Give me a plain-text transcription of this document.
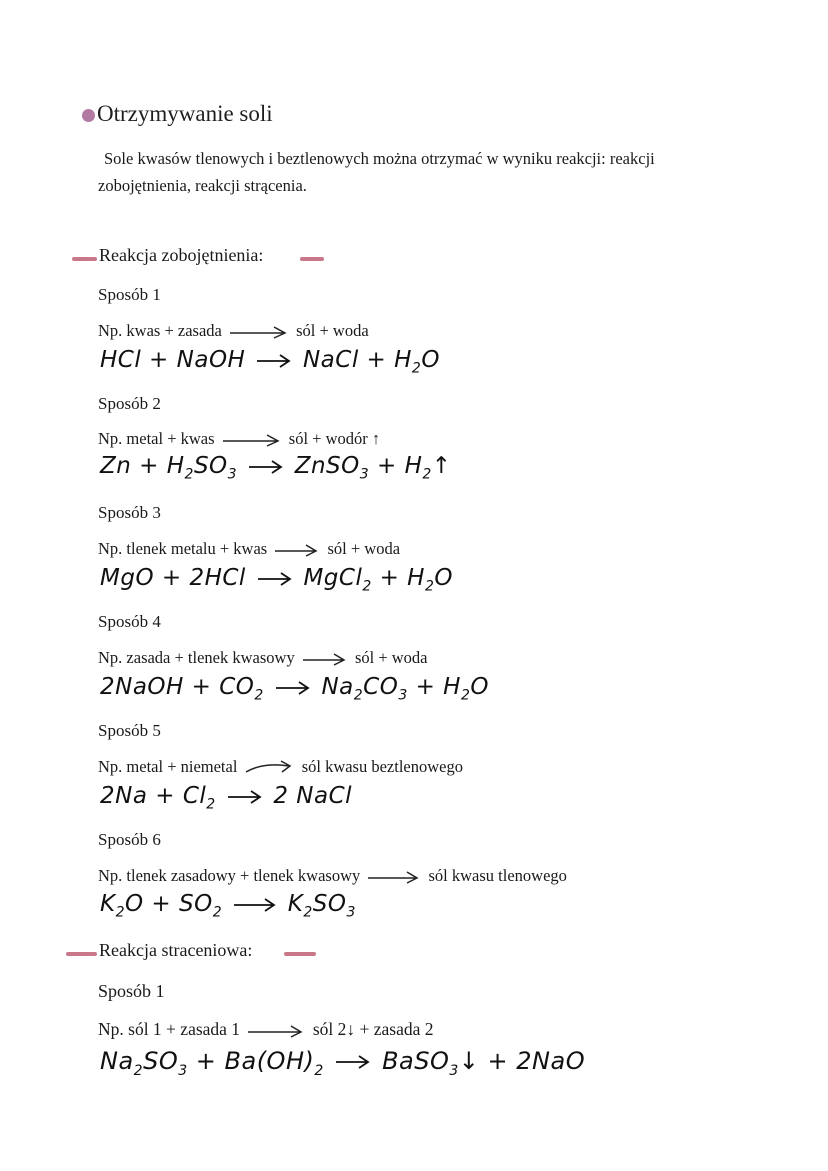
Otrzymywanie soli
Sole kwasów tlenowych i beztlenowych można otrzymać w wyniku reakcji: reakcji zobojętnienia, reakcji strącenia.
Reakcja zobojętnienia:
Sposób 1
Np. kwas + zasada	sól + woda
HCl + NaOH	NaCl + $H_2O$
Sposób 2
Np. metal + kwas	sól + wodór ↑
$Zn + H_2SO_3$	ZnSO$_3$ + $H_2↑$
Sposób 3
Np. tlenek metalu + kwas	sól + woda
MgO + 2HCl	MgCl$_2$ + $H_2O$
Sposób 4
Np. zasada + tlenek kwasowy	sól + woda
2NaOH + $CO_2$	$Na_2CO_3 + H_2O$
Sposób 5
Np. metal + niemetal	sól kwasu beztlenowego
$2Na + Cl_2$	2 NaCl
Sposób 6
Np. tlenek zasadowy + tlenek kwasowy	sól kwasu tlenowego
$K_2O + SO_2$	$K_2SO_3$
Reakcja straceniowa:
Sposób 1
Np. sól 1 + zasada 1	sól 2↓ + zasada 2
$Na_2SO_3 + Ba(OH)_2$ BaSO$_3$↓ + 2NaO
